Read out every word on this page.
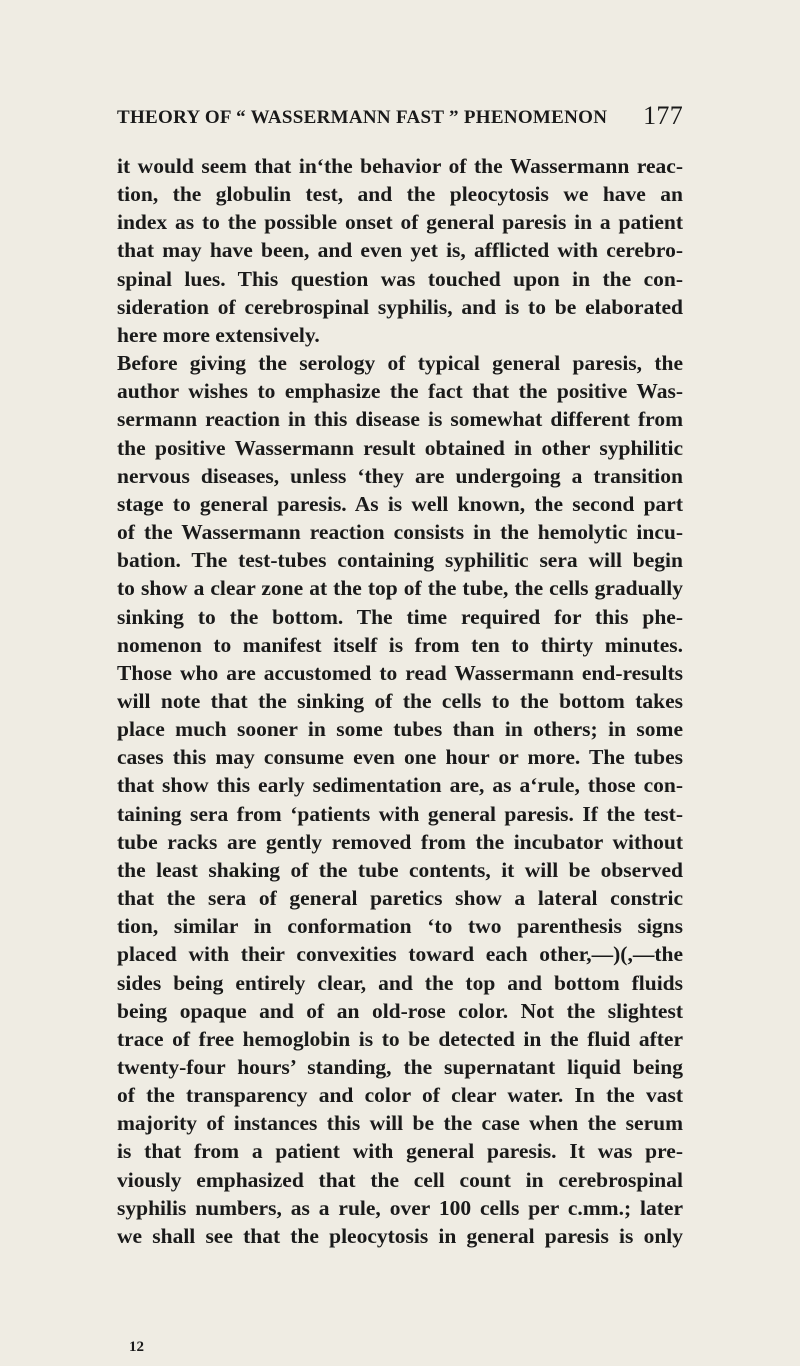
THEORY OF “ WASSERMANN FAST ” PHENOMENON 177
it would seem that in‘the behavior of the Wassermann reac-
tion, the globulin test, and the pleocytosis we have an
index as to the possible onset of general paresis in a patient
that may have been, and even yet is, afflicted with cerebro-
spinal lues. This question was touched upon in the con-
sideration of cerebrospinal syphilis, and is to be elaborated
here more extensively.
Before giving the serology of typical general paresis, the
author wishes to emphasize the fact that the positive Was-
sermann reaction in this disease is somewhat different from
the positive Wassermann result obtained in other syphilitic
nervous diseases, unless ‘they are undergoing a transition
stage to general paresis. As is well known, the second part
of the Wassermann reaction consists in the hemolytic incu-
bation. The test-tubes containing syphilitic sera will begin
to show a clear zone at the top of the tube, the cells gradually
sinking to the bottom. The time required for this phe-
nomenon to manifest itself is from ten to thirty minutes.
Those who are accustomed to read Wassermann end-results
will note that the sinking of the cells to the bottom takes
place much sooner in some tubes than in others; in some
cases this may consume even one hour or more. The tubes
that show this early sedimentation are, as a‘rule, those con-
taining sera from ‘patients with general paresis. If the test-
tube racks are gently removed from the incubator without
the least shaking of the tube contents, it will be observed
that the sera of general paretics show a lateral constric
tion, similar in conformation ‘to two parenthesis signs
placed with their convexities toward each other,—)(,—the
sides being entirely clear, and the top and bottom fluids
being opaque and of an old-rose color. Not the slightest
trace of free hemoglobin is to be detected in the fluid after
twenty-four hours’ standing, the supernatant liquid being
of the transparency and color of clear water. In the vast
majority of instances this will be the case when the serum
is that from a patient with general paresis. It was pre-
viously emphasized that the cell count in cerebrospinal
syphilis numbers, as a rule, over 100 cells per c.mm.; later
we shall see that the pleocytosis in general paresis is only
12
